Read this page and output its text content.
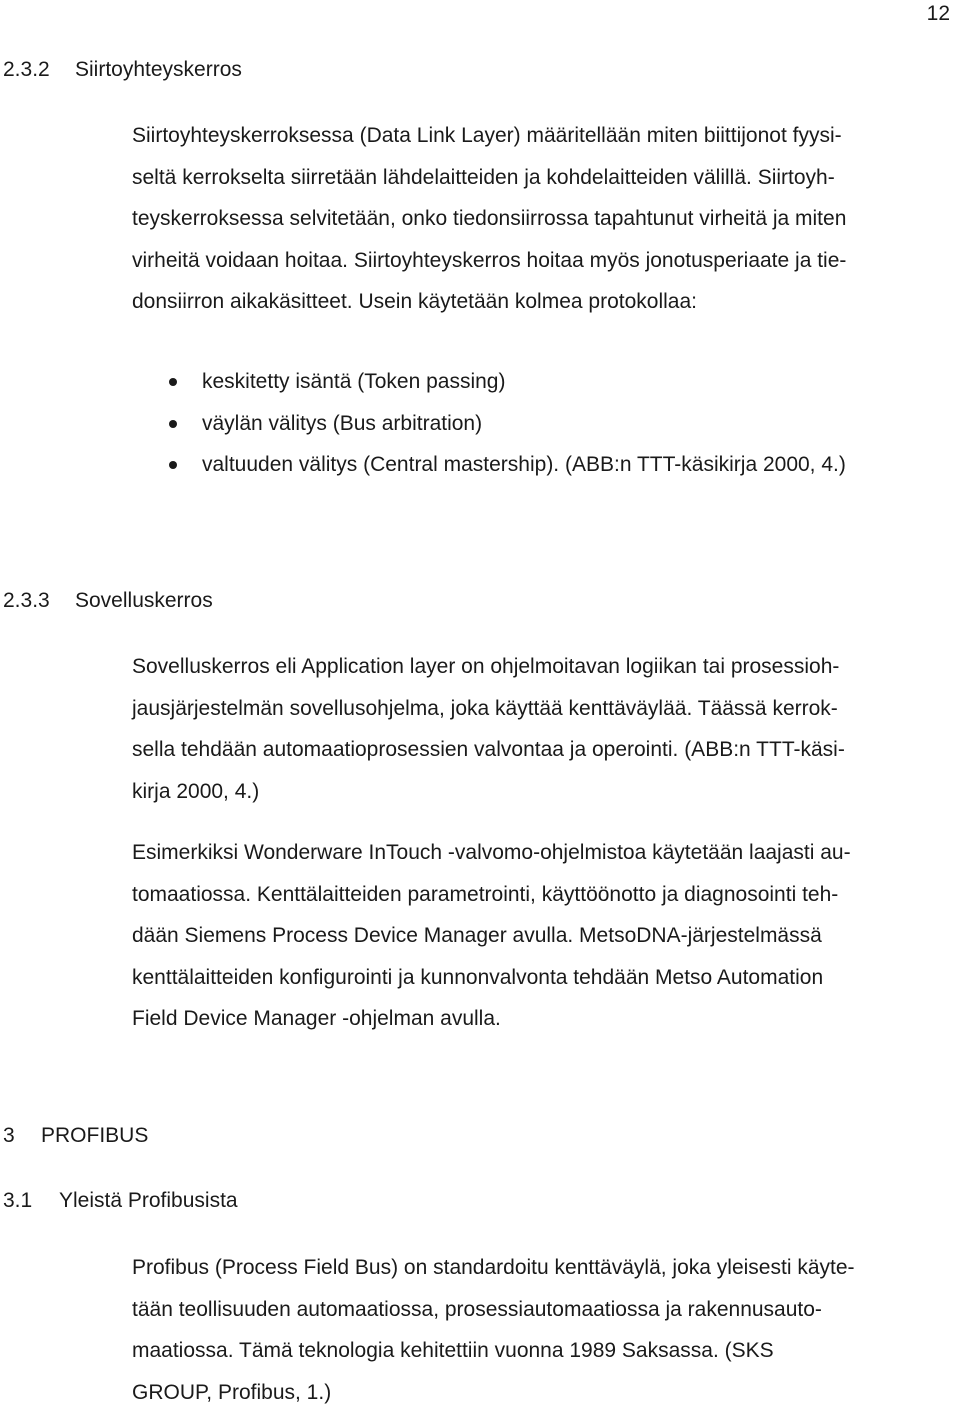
12
2.3.2 Siirtoyhteyskerros
Siirtoyhteyskerroksessa (Data Link Layer) määritellään miten biittijonot fyysi-
seltä kerrokselta siirretään lähdelaitteiden ja kohdelaitteiden välillä. Siirtoyh-
teyskerroksessa selvitetään, onko tiedonsiirrossa tapahtunut virheitä ja miten
virheitä voidaan hoitaa. Siirtoyhteyskerros hoitaa myös jonotusperiaate ja tie-
donsiirron aikakäsitteet. Usein käytetään kolmea protokollaa:
keskitetty isäntä (Token passing)
väylän välitys (Bus arbitration)
valtuuden välitys (Central mastership). (ABB:n TTT-käsikirja 2000, 4.)
2.3.3 Sovelluskerros
Sovelluskerros eli Application layer on ohjelmoitavan logiikan tai prosessioh-
jausjärjestelmän sovellusohjelma, joka käyttää kenttäväylää. Täässä kerrok-
sella tehdään automaatioprosessien valvontaa ja operointi. (ABB:n TTT-käsi-
kirja 2000, 4.)
Esimerkiksi Wonderware InTouch -valvomo-ohjelmistoa käytetään laajasti au-
tomaatiossa. Kenttälaitteiden parametrointi, käyttöönotto ja diagnosointi teh-
dään Siemens Process Device Manager avulla. MetsoDNA-järjestelmässä
kenttälaitteiden konfigurointi ja kunnonvalvonta tehdään Metso Automation
Field Device Manager -ohjelman avulla.
3 PROFIBUS
3.1 Yleistä Profibusista
Profibus (Process Field Bus) on standardoitu kenttäväylä, joka yleisesti käyte-
tään teollisuuden automaatiossa, prosessiautomaatiossa ja rakennusauto-
maatiossa. Tämä teknologia kehitettiin vuonna 1989 Saksassa. (SKS
GROUP, Profibus, 1.)
